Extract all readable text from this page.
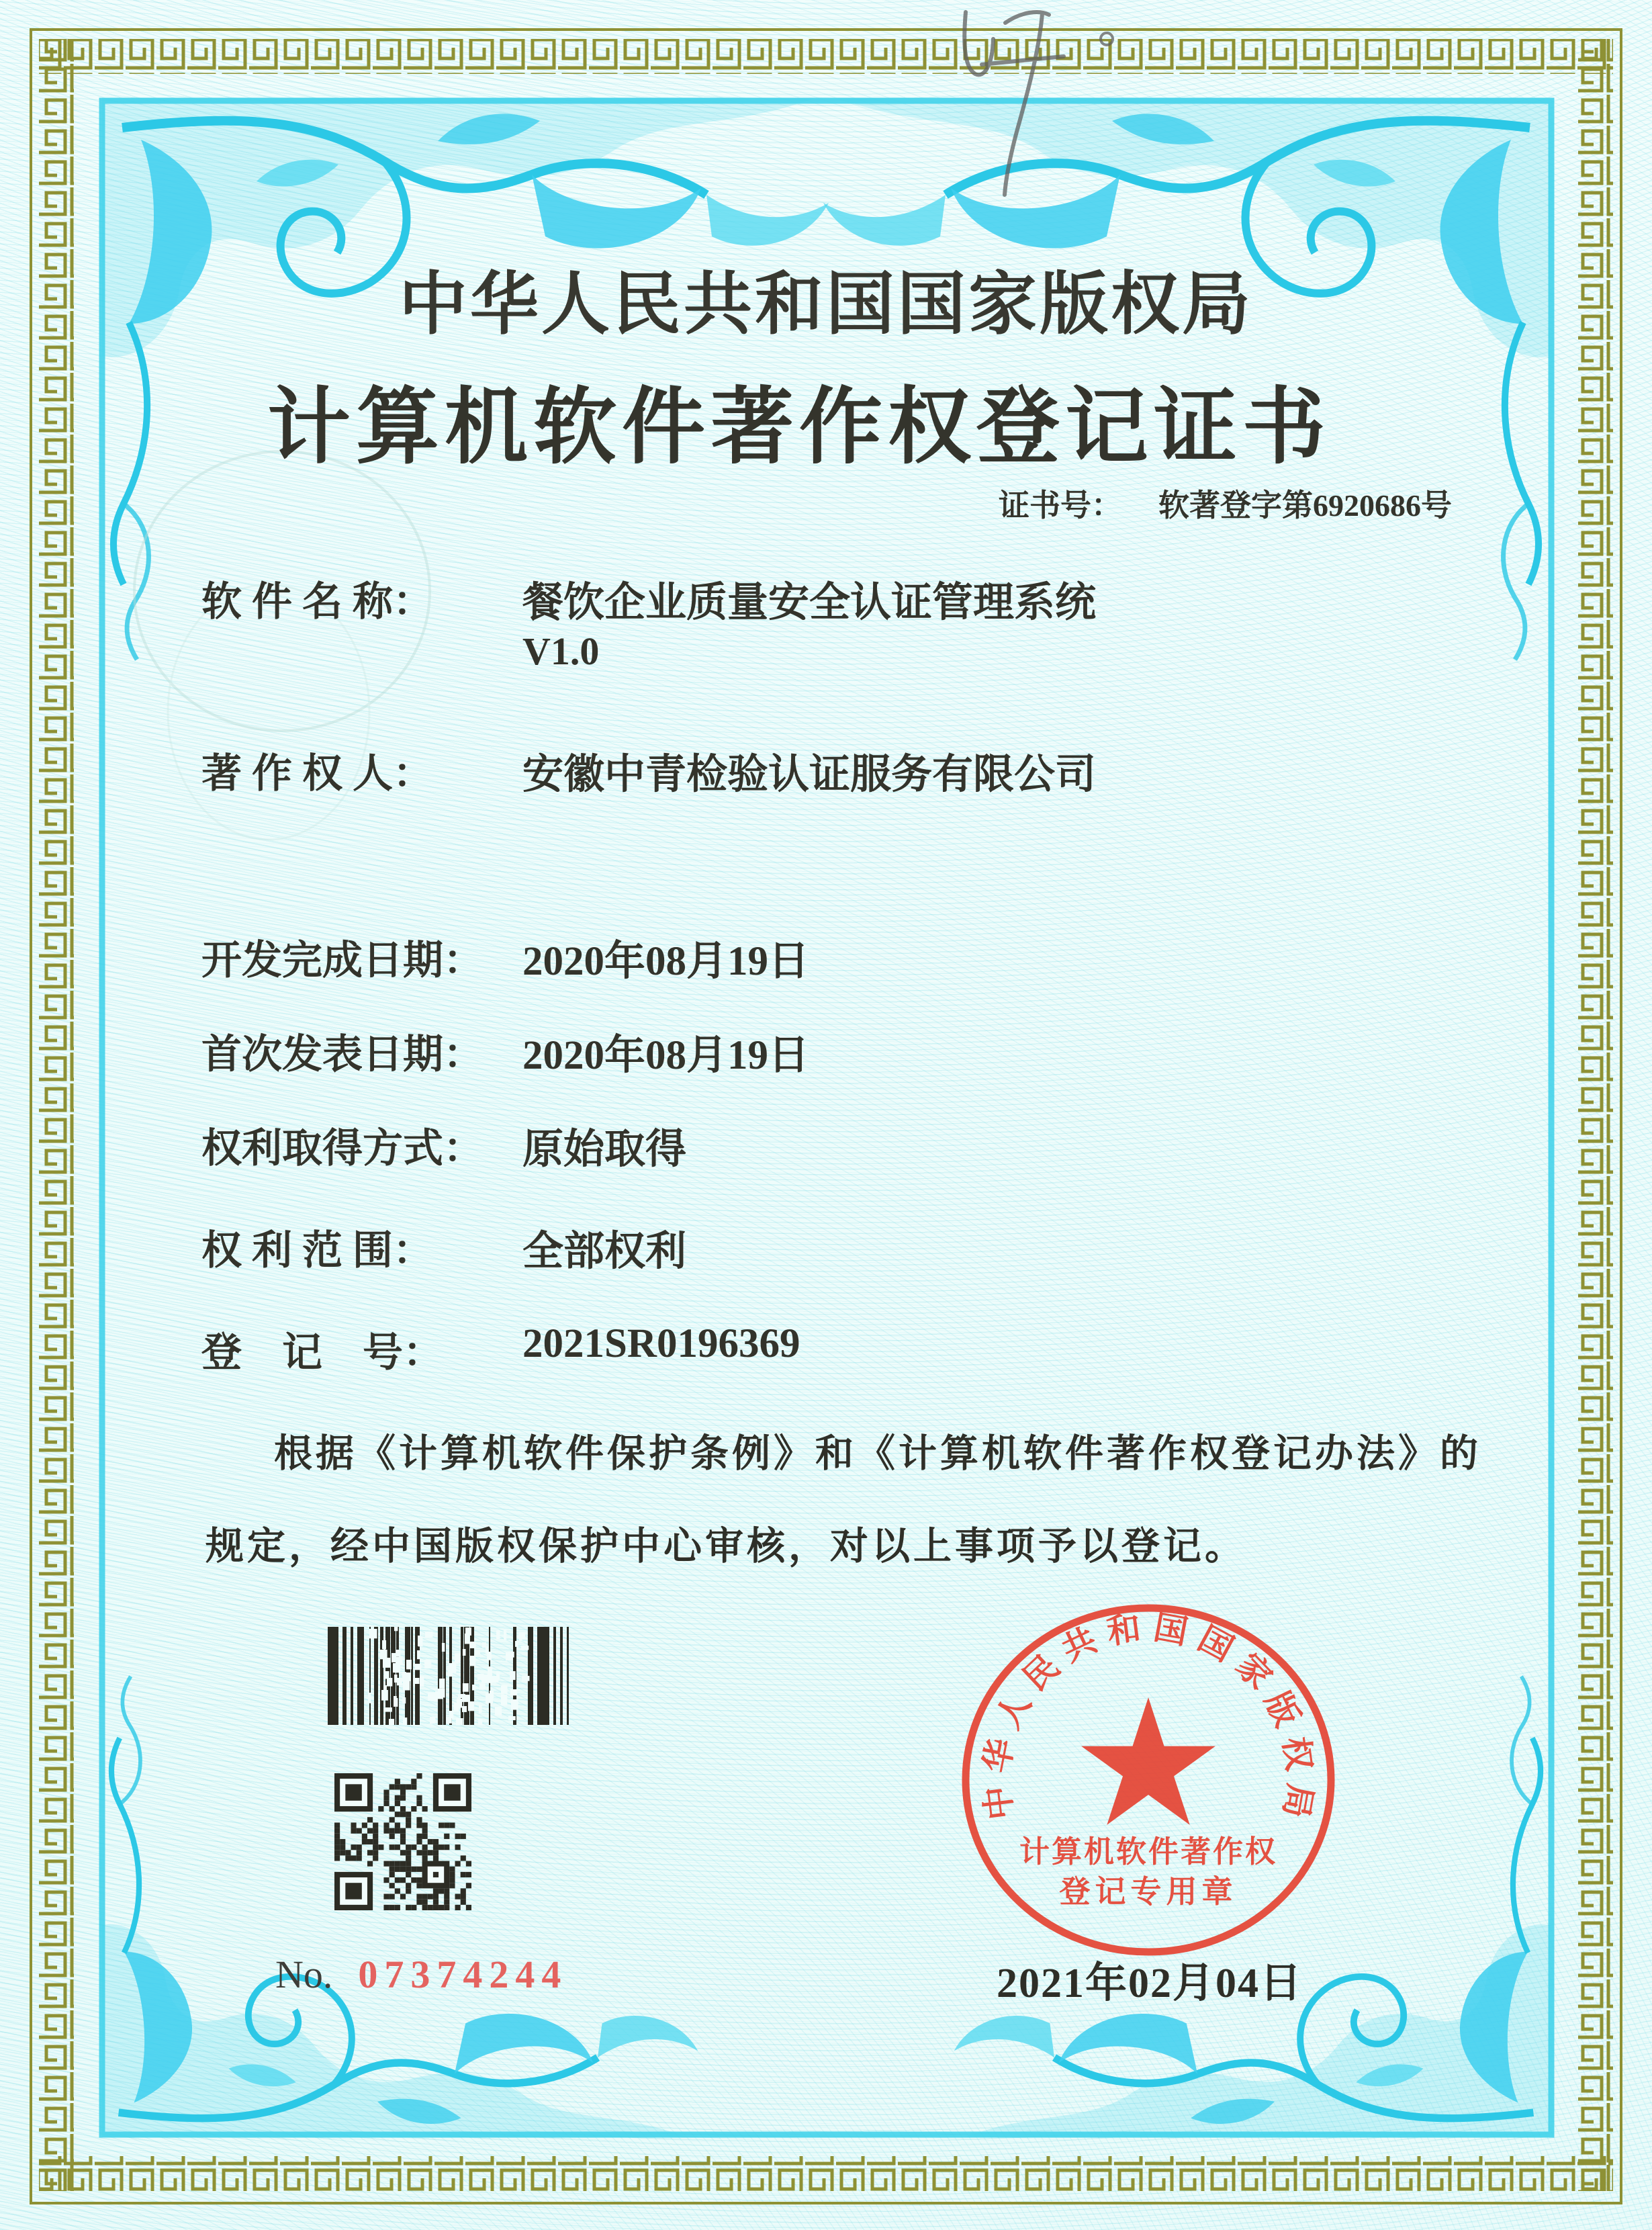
中华人民共和国国家版权局
计算机软件著作权登记证书
证书号： 软著登字第6920686号
软 件 名 称：	餐饮企业质量安全认证管理系统
V1.0
著 作 权 人：	安徽中青检验认证服务有限公司
开发完成日期： 2020年08月19日
首次发表日期： 2020年08月19日
权利取得方式： 原始取得
权 利 范 围：	全部权利
登    记    号：	2021SR0196369
根据《计算机软件保护条例》和《计算机软件著作权登记办法》的
规定，经中国版权保护中心审核，对以上事项予以登记。
No. 07374244
中华人民共和国国家版权局
计算机软件著作权
登记专用章
2021年02月04日
